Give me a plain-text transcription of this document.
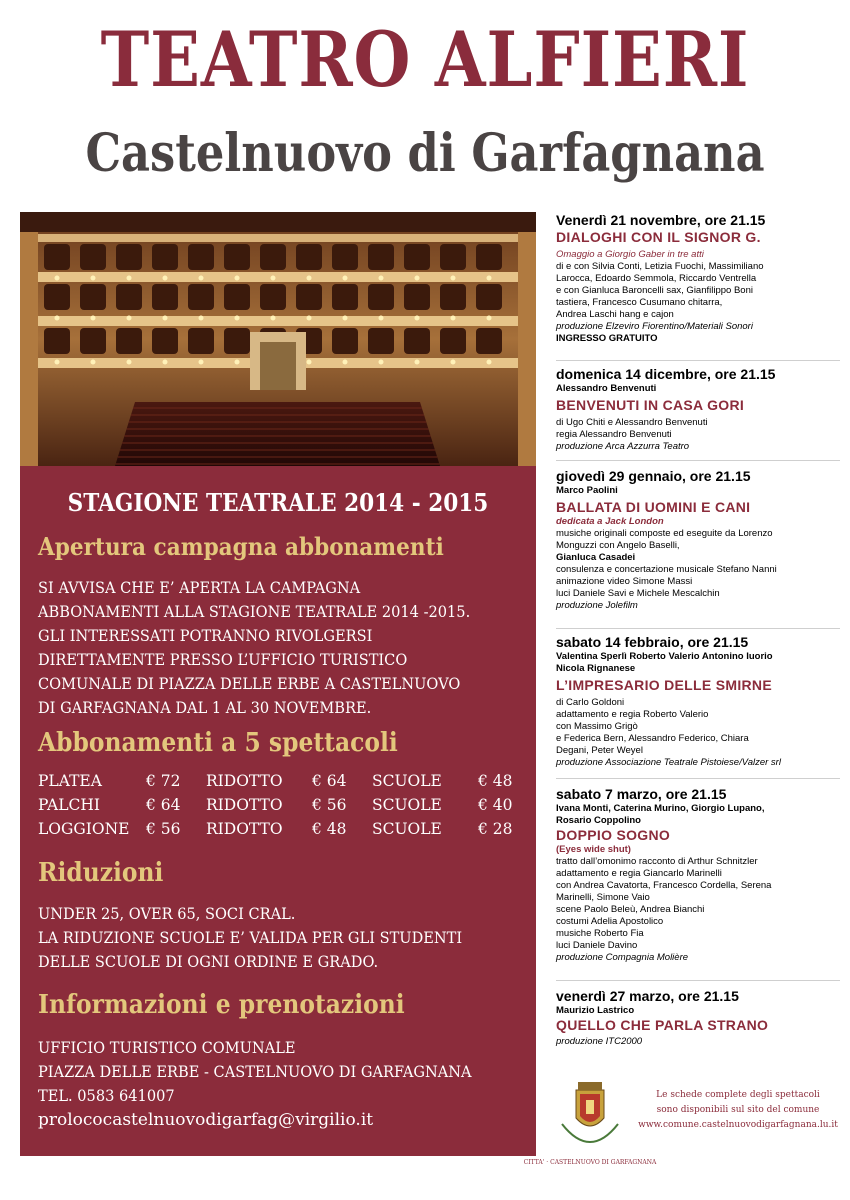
TEATRO ALFIERI
Castelnuovo di Garfagnana
STAGIONE TEATRALE 2014 - 2015
Apertura campagna abbonamenti
SI AVVISA CHE E’ APERTA LA CAMPAGNA
ABBONAMENTI ALLA STAGIONE TEATRALE 2014 -2015.
GLI INTERESSATI POTRANNO RIVOLGERSI
DIRETTAMENTE PRESSO L’UFFICIO TURISTICO
COMUNALE DI PIAZZA DELLE ERBE A CASTELNUOVO
DI GARFAGNANA DAL 1 AL 30 NOVEMBRE.
Abbonamenti a 5 spettacoli
PLATEA	€ 72 RIDOTTO € 64 SCUOLE € 48
PALCHI	€ 64 RIDOTTO € 56 SCUOLE € 40
LOGGIONE € 56 RIDOTTO € 48 SCUOLE € 28
Riduzioni
UNDER 25, OVER 65, SOCI CRAL.
LA RIDUZIONE SCUOLE E’ VALIDA PER GLI STUDENTI
DELLE SCUOLE DI OGNI ORDINE E GRADO.
Informazioni e prenotazioni
UFFICIO TURISTICO COMUNALE
PIAZZA DELLE ERBE - CASTELNUOVO DI GARFAGNANA
TEL. 0583 641007
prolococastelnuovodigarfag@virgilio.it
Venerdì 21 novembre, ore 21.15
DIALOGHI CON IL SIGNOR G.
Omaggio a Giorgio Gaber in tre atti
di e con Silvia Conti, Letizia Fuochi, Massimiliano
Larocca, Edoardo Semmola, Riccardo Ventrella
e con Gianluca Baroncelli sax, Gianfilippo Boni
tastiera, Francesco Cusumano chitarra,
Andrea Laschi hang e cajon
produzione Elzeviro Fiorentino/Materiali Sonori
INGRESSO GRATUITO
domenica 14 dicembre, ore 21.15
Alessandro Benvenuti
BENVENUTI IN CASA GORI
di Ugo Chiti e Alessandro Benvenuti
regia Alessandro Benvenuti
produzione Arca Azzurra Teatro
giovedì 29 gennaio, ore 21.15
Marco Paolini
BALLATA DI UOMINI E CANI
dedicata a Jack London
musiche originali composte ed eseguite da Lorenzo
Monguzzi con Angelo Baselli,
Gianluca Casadei
consulenza e concertazione musicale Stefano Nanni
animazione video Simone Massi
luci Daniele Savi e Michele Mescalchin
produzione Jolefilm
sabato 14 febbraio, ore 21.15
Valentina Sperlì Roberto Valerio Antonino Iuorio
Nicola Rignanese
L’IMPRESARIO DELLE SMIRNE
di Carlo Goldoni
adattamento e regia Roberto Valerio
con Massimo Grigò
e Federica Bern, Alessandro Federico, Chiara
Degani, Peter Weyel
produzione Associazione Teatrale Pistoiese/Valzer srl
sabato 7 marzo, ore 21.15
Ivana Monti, Caterina Murino, Giorgio Lupano,
Rosario Coppolino
DOPPIO SOGNO
(Eyes wide shut)
tratto dall’omonimo racconto di Arthur Schnitzler
adattamento e regia Giancarlo Marinelli
con Andrea Cavatorta, Francesco Cordella, Serena
Marinelli, Simone Vaio
scene Paolo Beleù, Andrea Bianchi
costumi Adelia Apostolico
musiche Roberto Fia
luci Daniele Davino
produzione Compagnia Molière
venerdì 27 marzo, ore 21.15
Maurizio Lastrico
QUELLO CHE PARLA STRANO
produzione ITC2000
CITTA' · CASTELNUOVO DI GARFAGNANA
Le schede complete degli spettacoli
sono disponibili sul sito del comune
www.comune.castelnuovodigarfagnana.lu.it
